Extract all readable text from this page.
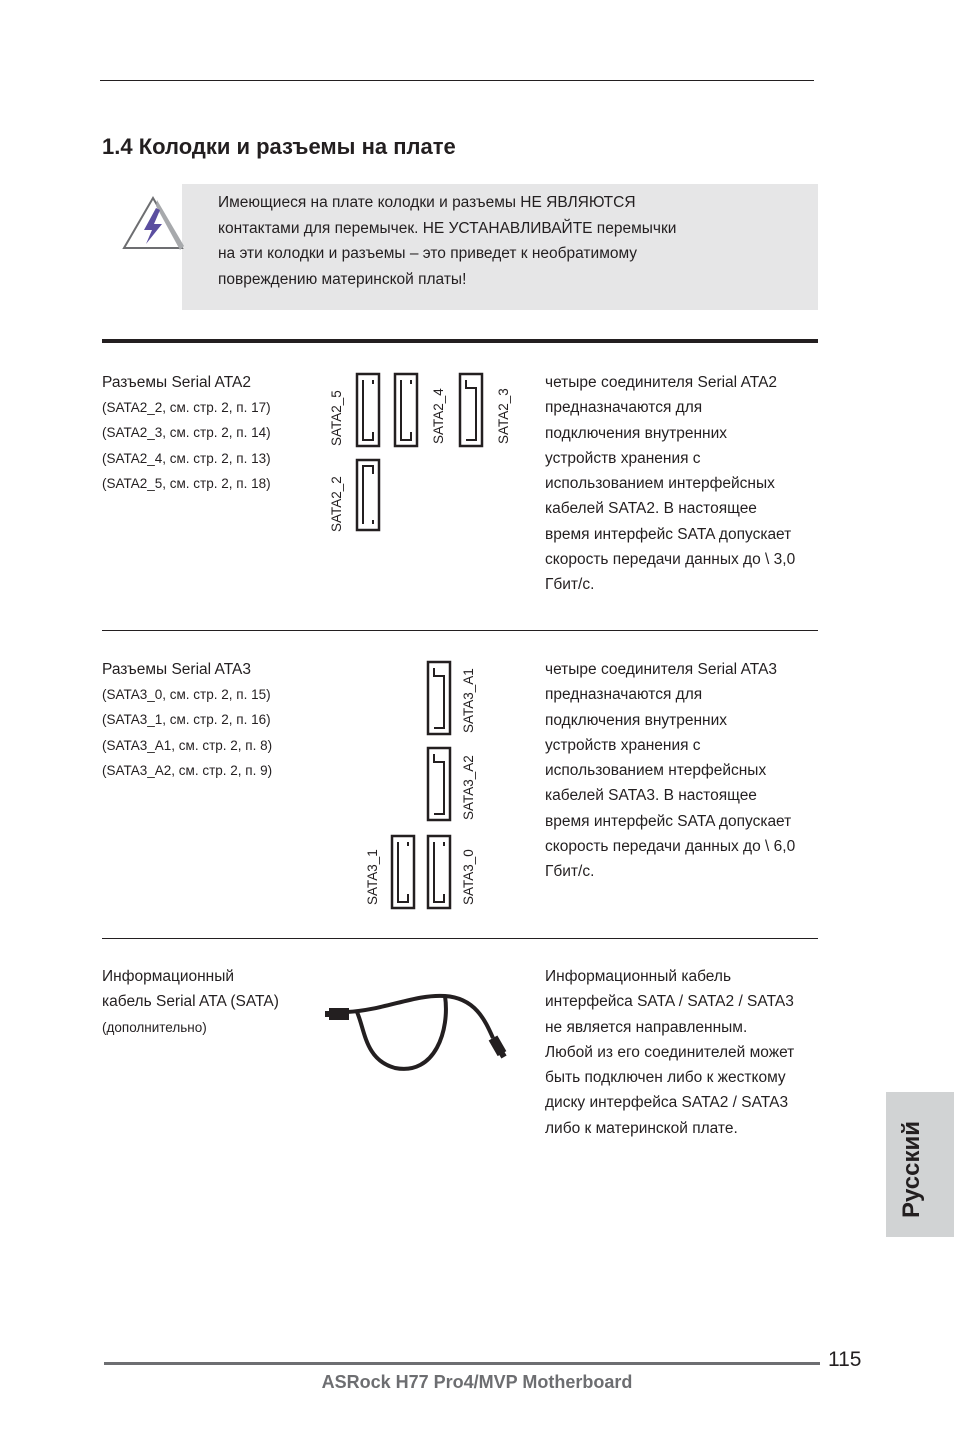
1.4 Колодки и разъемы на плате
Имеющиеся на плате колодки и разъемы НЕ ЯВЛЯЮТСЯ
контактами для перемычек. НЕ УСТАНАВЛИВАЙТЕ перемычки
на эти колодки и разъемы – это приведет к необратимому
повреждению материнской платы!
Разъемы Serial ATA2
(SATA2_2, см. стр. 2, п. 17)
(SATA2_3, см. стр. 2, п. 14)
(SATA2_4, см. стр. 2, п. 13)
(SATA2_5, см. стр. 2, п. 18)
SATA2_5	SATA2_4	SATA2_3
SATA2_2
четыре соединителя Serial ATA2
предназначаются для
подключения внутренних
устройств хранения с
использованием интерфейсных
кабелей SATA2. В настоящее
время интерфейс SATA допускает
скорость передачи данных до \ 3,0
Гбит/с.
Разъемы Serial ATA3
(SATA3_0, см. стр. 2, п. 15)
(SATA3_1, см. стр. 2, п. 16)
(SATA3_A1, см. стр. 2, п. 8)
(SATA3_A2, см. стр. 2, п. 9)
SATA3_A1
SATA3_A2
SATA3_1	SATA3_0
четыре соединителя Serial ATA3
предназначаются для
подключения внутренних
устройств хранения с
использованием нтерфейсных
кабелей SATA3. В настоящее
время интерфейс SATA допускает
скорость передачи данных до \ 6,0
Гбит/с.
Информационный
кабель Serial ATA (SATA)
(дополнительно)
Информационный кабель
интерфейса SATA / SATA2 / SATA3
не является направленным.
Любой из его соединителей может
быть подключен либо к жесткому
диску интерфейса SATA2 / SATA3
либо к материнской плате.	Русский
115
ASRock H77 Pro4/MVP Motherboard
